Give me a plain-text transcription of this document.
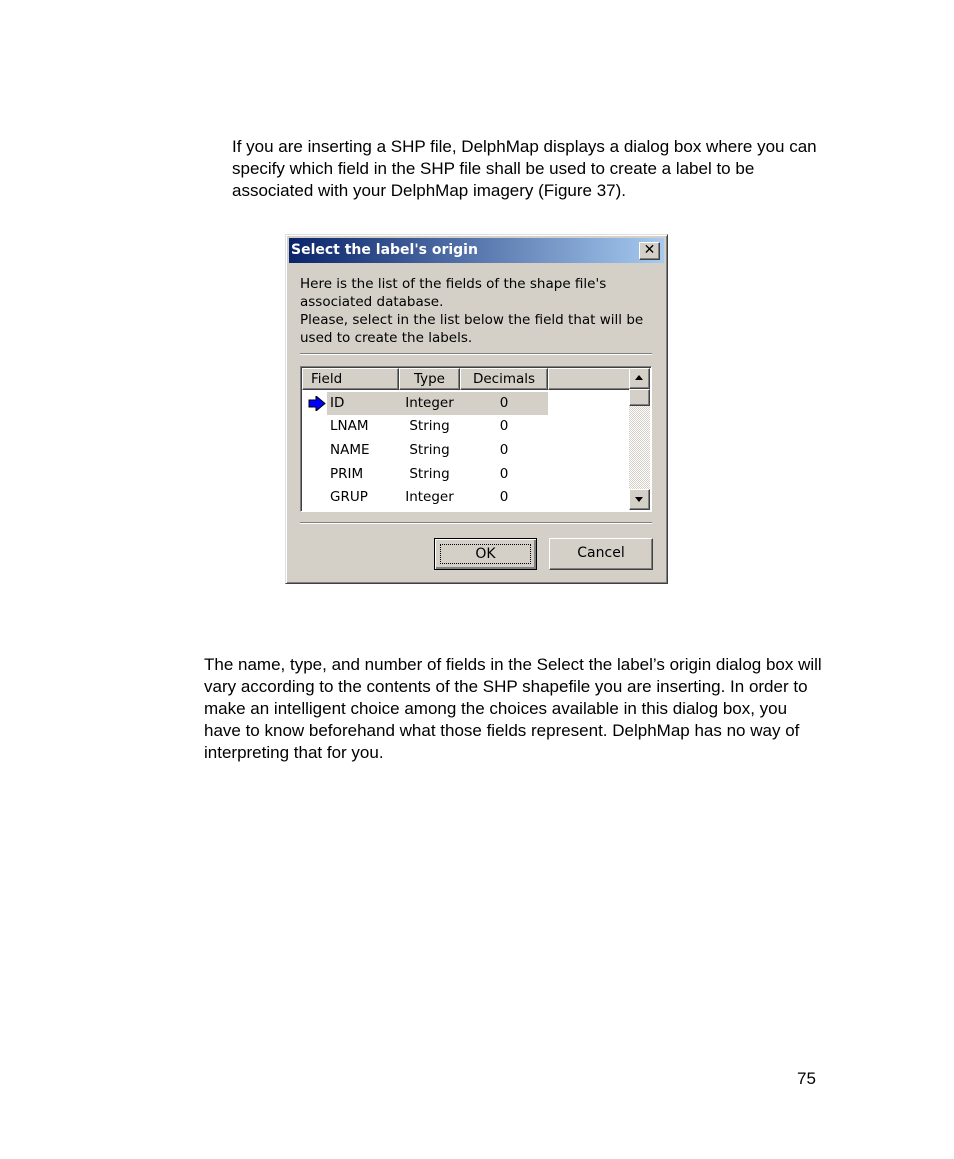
If you are inserting a SHP file, DelphMap displays a dialog box where you can specify which field in the SHP file shall be used to create a label to be associated with your DelphMap imagery (Figure 37).

Select the label's origin	✕
Here is the list of the fields of the shape file's associated database.
Please, select in the list below the field that will be used to create the labels.
Field	Type	Decimals
ID	Integer	0
LNAM	String	0
NAME	String	0
PRIM	String	0
GRUP	Integer	0
OK	Cancel

The name, type, and number of fields in the Select the label’s origin dialog box will vary according to the contents of the SHP shapefile you are inserting. In order to make an intelligent choice among the choices available in this dialog box, you have to know beforehand what those fields represent. DelphMap has no way of interpreting that for you.

75
